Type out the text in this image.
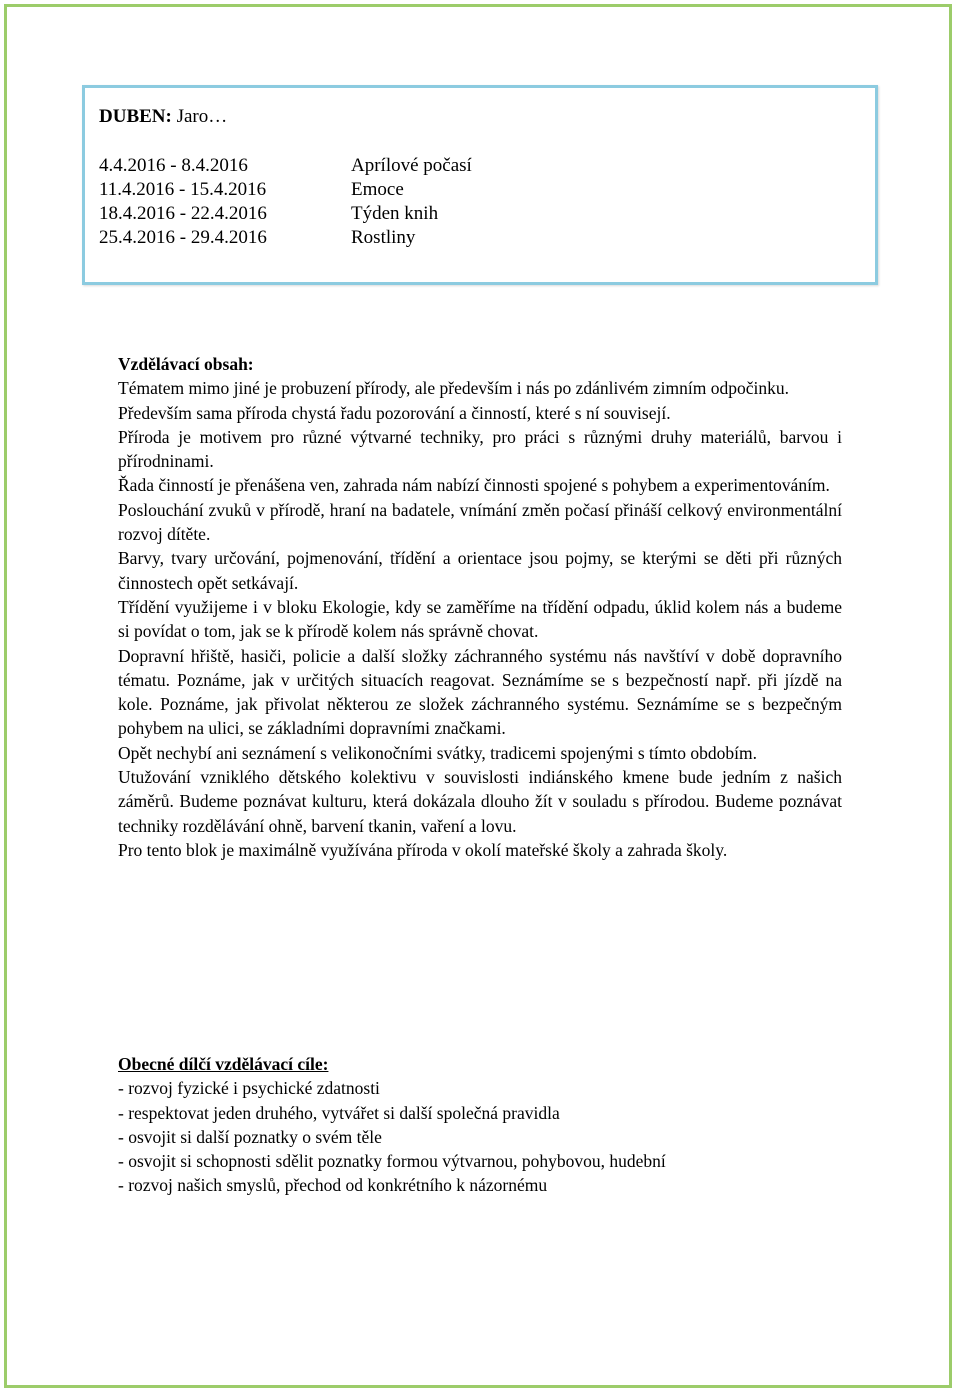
DUBEN: Jaro…
4.4.2016 - 8.4.2016	Aprílové počasí
11.4.2016 - 15.4.2016	Emoce
18.4.2016 - 22.4.2016	Týden knih
25.4.2016 - 29.4.2016	Rostliny
Vzdělávací obsah:
Tématem mimo jiné je probuzení přírody, ale především i nás po zdánlivém zimním odpočinku.
Především sama příroda chystá řadu pozorování a činností, které s ní souvisejí.
Příroda je motivem pro různé výtvarné techniky, pro práci s různými druhy materiálů, barvou i přírodninami.
Řada činností je přenášena ven, zahrada nám nabízí činnosti spojené s pohybem a experimentováním.
Poslouchání zvuků v přírodě, hraní na badatele, vnímání změn počasí přináší celkový environmentální rozvoj dítěte.
Barvy, tvary určování, pojmenování, třídění a orientace jsou pojmy, se kterými se děti při různých činnostech opět setkávají.
Třídění využijeme i v bloku Ekologie, kdy se zaměříme na třídění odpadu, úklid kolem nás a budeme si povídat o tom, jak se k přírodě kolem nás správně chovat.
Dopravní hřiště, hasiči, policie a další složky záchranného systému nás navštíví v době dopravního tématu. Poznáme, jak v určitých situacích reagovat. Seznámíme se s bezpečností např. při jízdě na kole. Poznáme, jak přivolat některou ze složek záchranného systému. Seznámíme se s bezpečným pohybem na ulici, se základními dopravními značkami.
Opět nechybí ani seznámení s velikonočními svátky, tradicemi spojenými s tímto obdobím.
Utužování vzniklého dětského kolektivu v souvislosti indiánského kmene bude jedním z našich záměrů. Budeme poznávat kulturu, která dokázala dlouho žít v souladu s přírodou. Budeme poznávat techniky rozdělávání ohně, barvení tkanin, vaření a lovu.
Pro tento blok je maximálně využívána příroda v okolí mateřské školy a zahrada školy.
Obecné dílčí vzdělávací cíle:
- rozvoj fyzické i psychické zdatnosti
- respektovat jeden druhého, vytvářet si další společná pravidla
- osvojit si další poznatky o svém těle
- osvojit si schopnosti sdělit poznatky formou výtvarnou, pohybovou, hudební
- rozvoj našich smyslů, přechod od konkrétního k názornému
